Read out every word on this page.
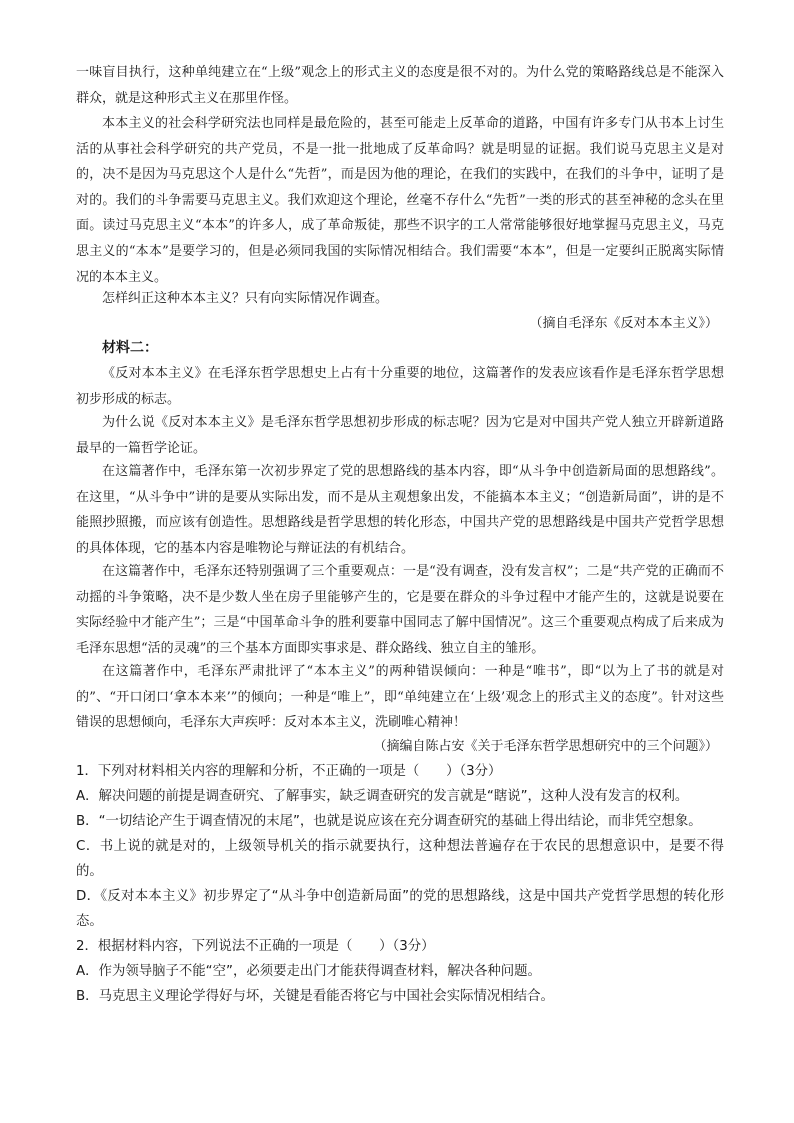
一味盲目执行，这种单纯建立在“上级”观念上的形式主义的态度是很不对的。为什么党的策略路线总是不能深入群众，就是这种形式主义在那里作怪。

本本主义的社会科学研究法也同样是最危险的，甚至可能走上反革命的道路，中国有许多专门从书本上讨生活的从事社会科学研究的共产党员，不是一批一批地成了反革命吗？就是明显的证据。我们说马克思主义是对的，决不是因为马克思这个人是什么“先哲”，而是因为他的理论，在我们的实践中，在我们的斗争中，证明了是对的。我们的斗争需要马克思主义。我们欢迎这个理论，丝毫不存什么“先哲”一类的形式的甚至神秘的念头在里面。读过马克思主义“本本”的许多人，成了革命叛徒，那些不识字的工人常常能够很好地掌握马克思主义，马克思主义的“本本”是要学习的，但是必须同我国的实际情况相结合。我们需要“本本”，但是一定要纠正脱离实际情况的本本主义。

怎样纠正这种本本主义？只有向实际情况作调查。

（摘自毛泽东《反对本本主义》）

材料二：

《反对本本主义》在毛泽东哲学思想史上占有十分重要的地位，这篇著作的发表应该看作是毛泽东哲学思想初步形成的标志。

为什么说《反对本本主义》是毛泽东哲学思想初步形成的标志呢？因为它是对中国共产党人独立开辟新道路最早的一篇哲学论证。

在这篇著作中，毛泽东第一次初步界定了党的思想路线的基本内容，即“从斗争中创造新局面的思想路线”。在这里，“从斗争中”讲的是要从实际出发，而不是从主观想象出发，不能搞本本主义；“创造新局面”，讲的是不能照抄照搬，而应该有创造性。思想路线是哲学思想的转化形态，中国共产党的思想路线是中国共产党哲学思想的具体体现，它的基本内容是唯物论与辩证法的有机结合。

在这篇著作中，毛泽东还特别强调了三个重要观点：一是“没有调查，没有发言权”；二是“共产党的正确而不动摇的斗争策略，决不是少数人坐在房子里能够产生的，它是要在群众的斗争过程中才能产生的，这就是说要在实际经验中才能产生”；三是“中国革命斗争的胜利要靠中国同志了解中国情况”。这三个重要观点构成了后来成为毛泽东思想“活的灵魂”的三个基本方面即实事求是、群众路线、独立自主的雏形。

在这篇著作中，毛泽东严肃批评了“本本主义”的两种错误倾向：一种是“唯书”，即“以为上了书的就是对的”、“开口闭口‘拿本本来’”的倾向；一种是“唯上”，即“单纯建立在‘上级’观念上的形式主义的态度”。针对这些错误的思想倾向，毛泽东大声疾呼：反对本本主义，洗刷唯心精神！

（摘编自陈占安《关于毛泽东哲学思想研究中的三个问题》）

1．下列对材料相关内容的理解和分析，不正确的一项是（　　）（3分）

A．解决问题的前提是调查研究、了解事实，缺乏调查研究的发言就是“瞎说”，这种人没有发言的权利。

B．“一切结论产生于调查情况的末尾”，也就是说应该在充分调查研究的基础上得出结论，而非凭空想象。

C．书上说的就是对的，上级领导机关的指示就要执行，这种想法普遍存在于农民的思想意识中，是要不得的。

D．《反对本本主义》初步界定了“从斗争中创造新局面”的党的思想路线，这是中国共产党哲学思想的转化形态。

2．根据材料内容，下列说法不正确的一项是（　　）（3分）

A．作为领导脑子不能“空”，必须要走出门才能获得调查材料，解决各种问题。

B．马克思主义理论学得好与坏，关键是看能否将它与中国社会实际情况相结合。
